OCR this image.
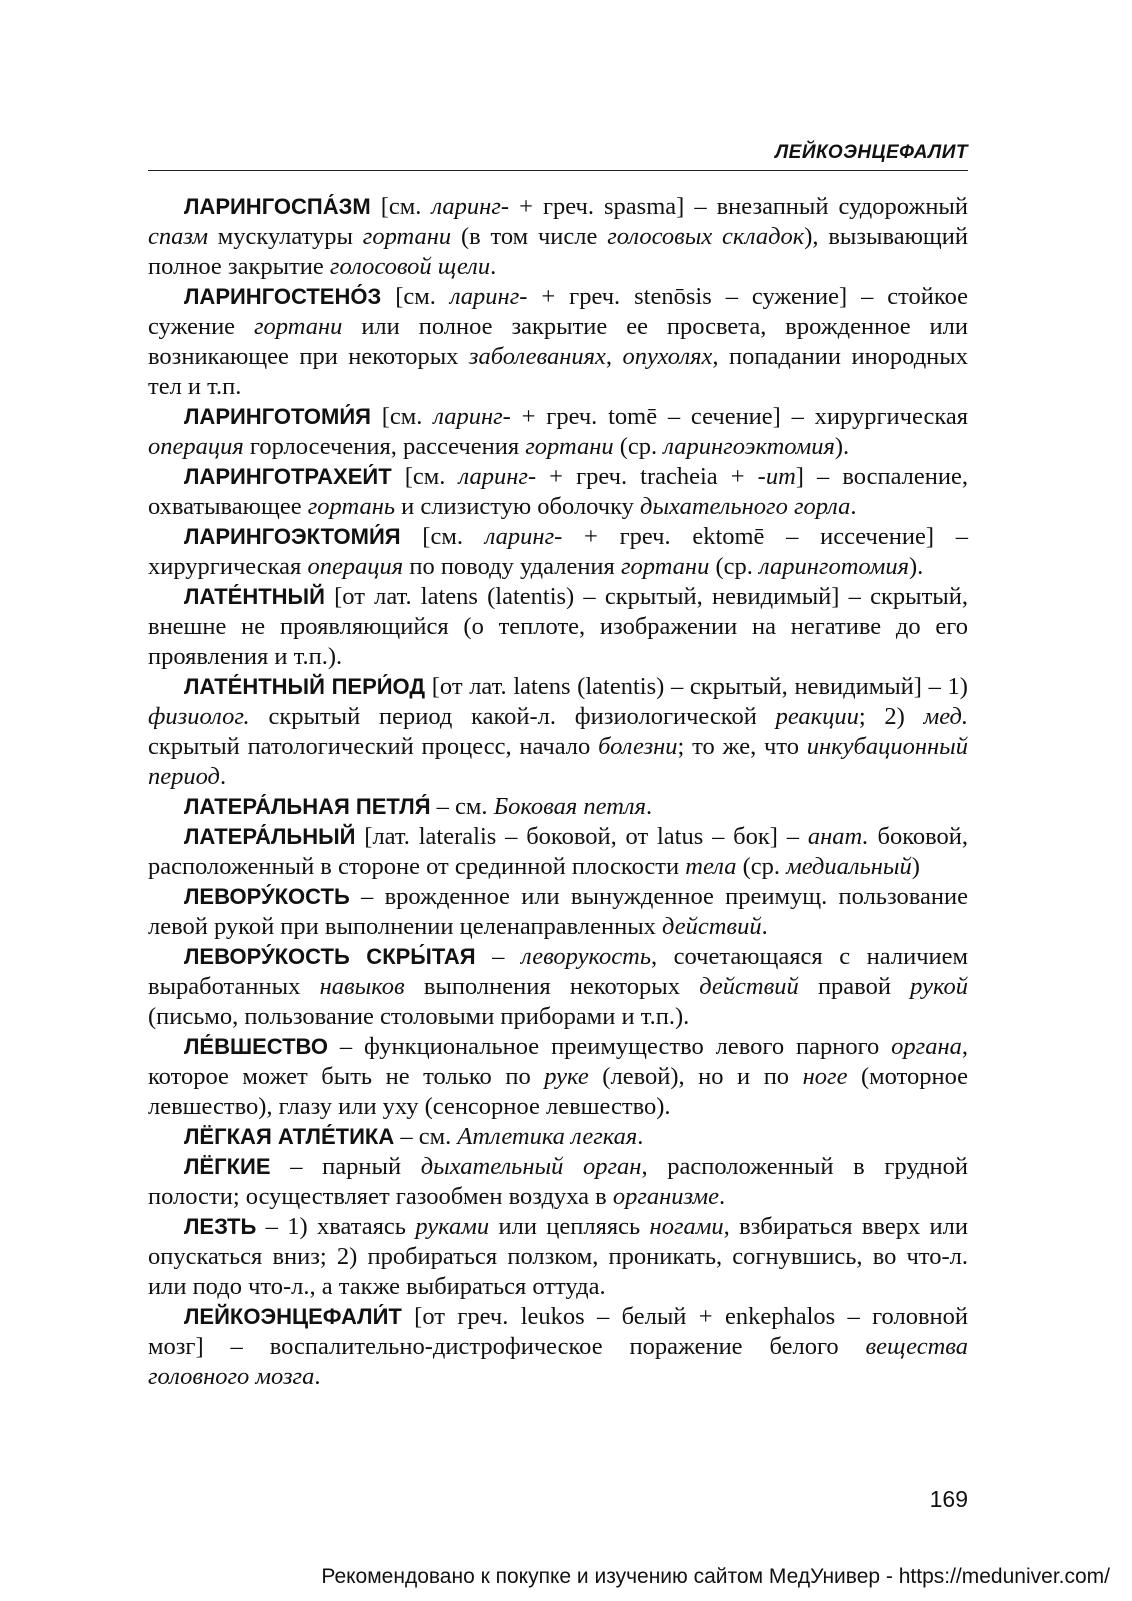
ЛЕЙКОЭНЦЕФАЛИТ

ЛАРИНГОСПА́ЗМ [см. ларинг- + греч. spasma] – внезапный судорожный спазм мускулатуры гортани (в том числе голосовых складок), вызывающий полное закрытие голосовой щели.

ЛАРИНГОСТЕНО́З [см. ларинг- + греч. stenōsis – сужение] – стойкое сужение гортани или полное закрытие ее просвета, врожденное или возникающее при некоторых заболеваниях, опухолях, попадании инородных тел и т.п.

ЛАРИНГОТОМИ́Я [см. ларинг- + греч. tomē – сечение] – хирургическая операция горлосечения, рассечения гортани (ср. ларингоэктомия).

ЛАРИНГОТРАХЕИ́Т [см. ларинг- + греч. tracheia + -ит] – воспаление, охватывающее гортань и слизистую оболочку дыхательного горла.

ЛАРИНГОЭКТОМИ́Я [см. ларинг- + греч. ektomē – иссечение] – хирургическая операция по поводу удаления гортани (ср. ларинготомия).

ЛАТЕ́НТНЫЙ [от лат. latens (latentis) – скрытый, невидимый] – скрытый, внешне не проявляющийся (о теплоте, изображении на негативе до его проявления и т.п.).

ЛАТЕ́НТНЫЙ ПЕРИ́ОД [от лат. latens (latentis) – скрытый, невидимый] – 1) физиолог. скрытый период какой-л. физиологической реакции; 2) мед. скрытый патологический процесс, начало болезни; то же, что инкубационный период.

ЛАТЕРА́ЛЬНАЯ ПЕТЛЯ́ – см. Боковая петля.

ЛАТЕРА́ЛЬНЫЙ [лат. lateralis – боковой, от latus – бок] – анат. боковой, расположенный в стороне от срединной плоскости тела (ср. медиальный)

ЛЕВОРУ́КОСТЬ – врожденное или вынужденное преимущ. пользование левой рукой при выполнении целенаправленных действий.

ЛЕВОРУ́КОСТЬ СКРЫ́ТАЯ – леворукость, сочетающаяся с наличием выработанных навыков выполнения некоторых действий правой рукой (письмо, пользование столовыми приборами и т.п.).

ЛЕ́ВШЕСТВО – функциональное преимущество левого парного органа, которое может быть не только по руке (левой), но и по ноге (моторное левшество), глазу или уху (сенсорное левшество).

ЛЁГКАЯ АТЛЕ́ТИКА – см. Атлетика легкая.

ЛЁГКИЕ – парный дыхательный орган, расположенный в грудной полости; осуществляет газообмен воздуха в организме.

ЛЕЗТЬ – 1) хватаясь руками или цепляясь ногами, взбираться вверх или опускаться вниз; 2) пробираться ползком, проникать, согнувшись, во что-л. или подо что-л., а также выбираться оттуда.

ЛЕЙКОЭНЦЕФАЛИ́Т [от греч. leukos – белый + enkephalos – головной мозг] – воспалительно-дистрофическое поражение белого вещества головного мозга.

169
Рекомендовано к покупке и изучению сайтом МедУнивер - https://meduniver.com/
